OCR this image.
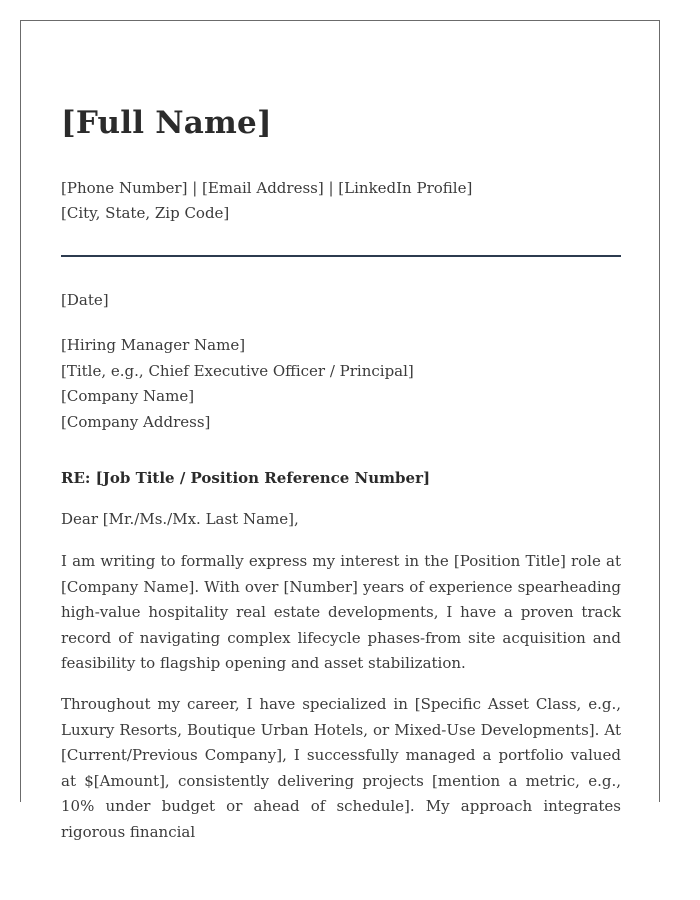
[Full Name]
[Phone Number] | [Email Address] | [LinkedIn Profile]
[City, State, Zip Code]
[Date]
[Hiring Manager Name]
[Title, e.g., Chief Executive Officer / Principal]
[Company Name]
[Company Address]
RE: [Job Title / Position Reference Number]
Dear [Mr./Ms./Mx. Last Name],

I am writing to formally express my interest in the [Position Title] role at [Company Name]. With over [Number] years of experience spearheading high-value hospitality real estate developments, I have a proven track record of navigating complex lifecycle phases-from site acquisition and feasibility to flagship opening and asset stabilization.

Throughout my career, I have specialized in [Specific Asset Class, e.g., Luxury Resorts, Boutique Urban Hotels, or Mixed-Use Developments]. At [Current/Previous Company], I successfully managed a portfolio valued at $[Amount], consistently delivering projects [mention a metric, e.g., 10% under budget or ahead of schedule]. My approach integrates rigorous financial
